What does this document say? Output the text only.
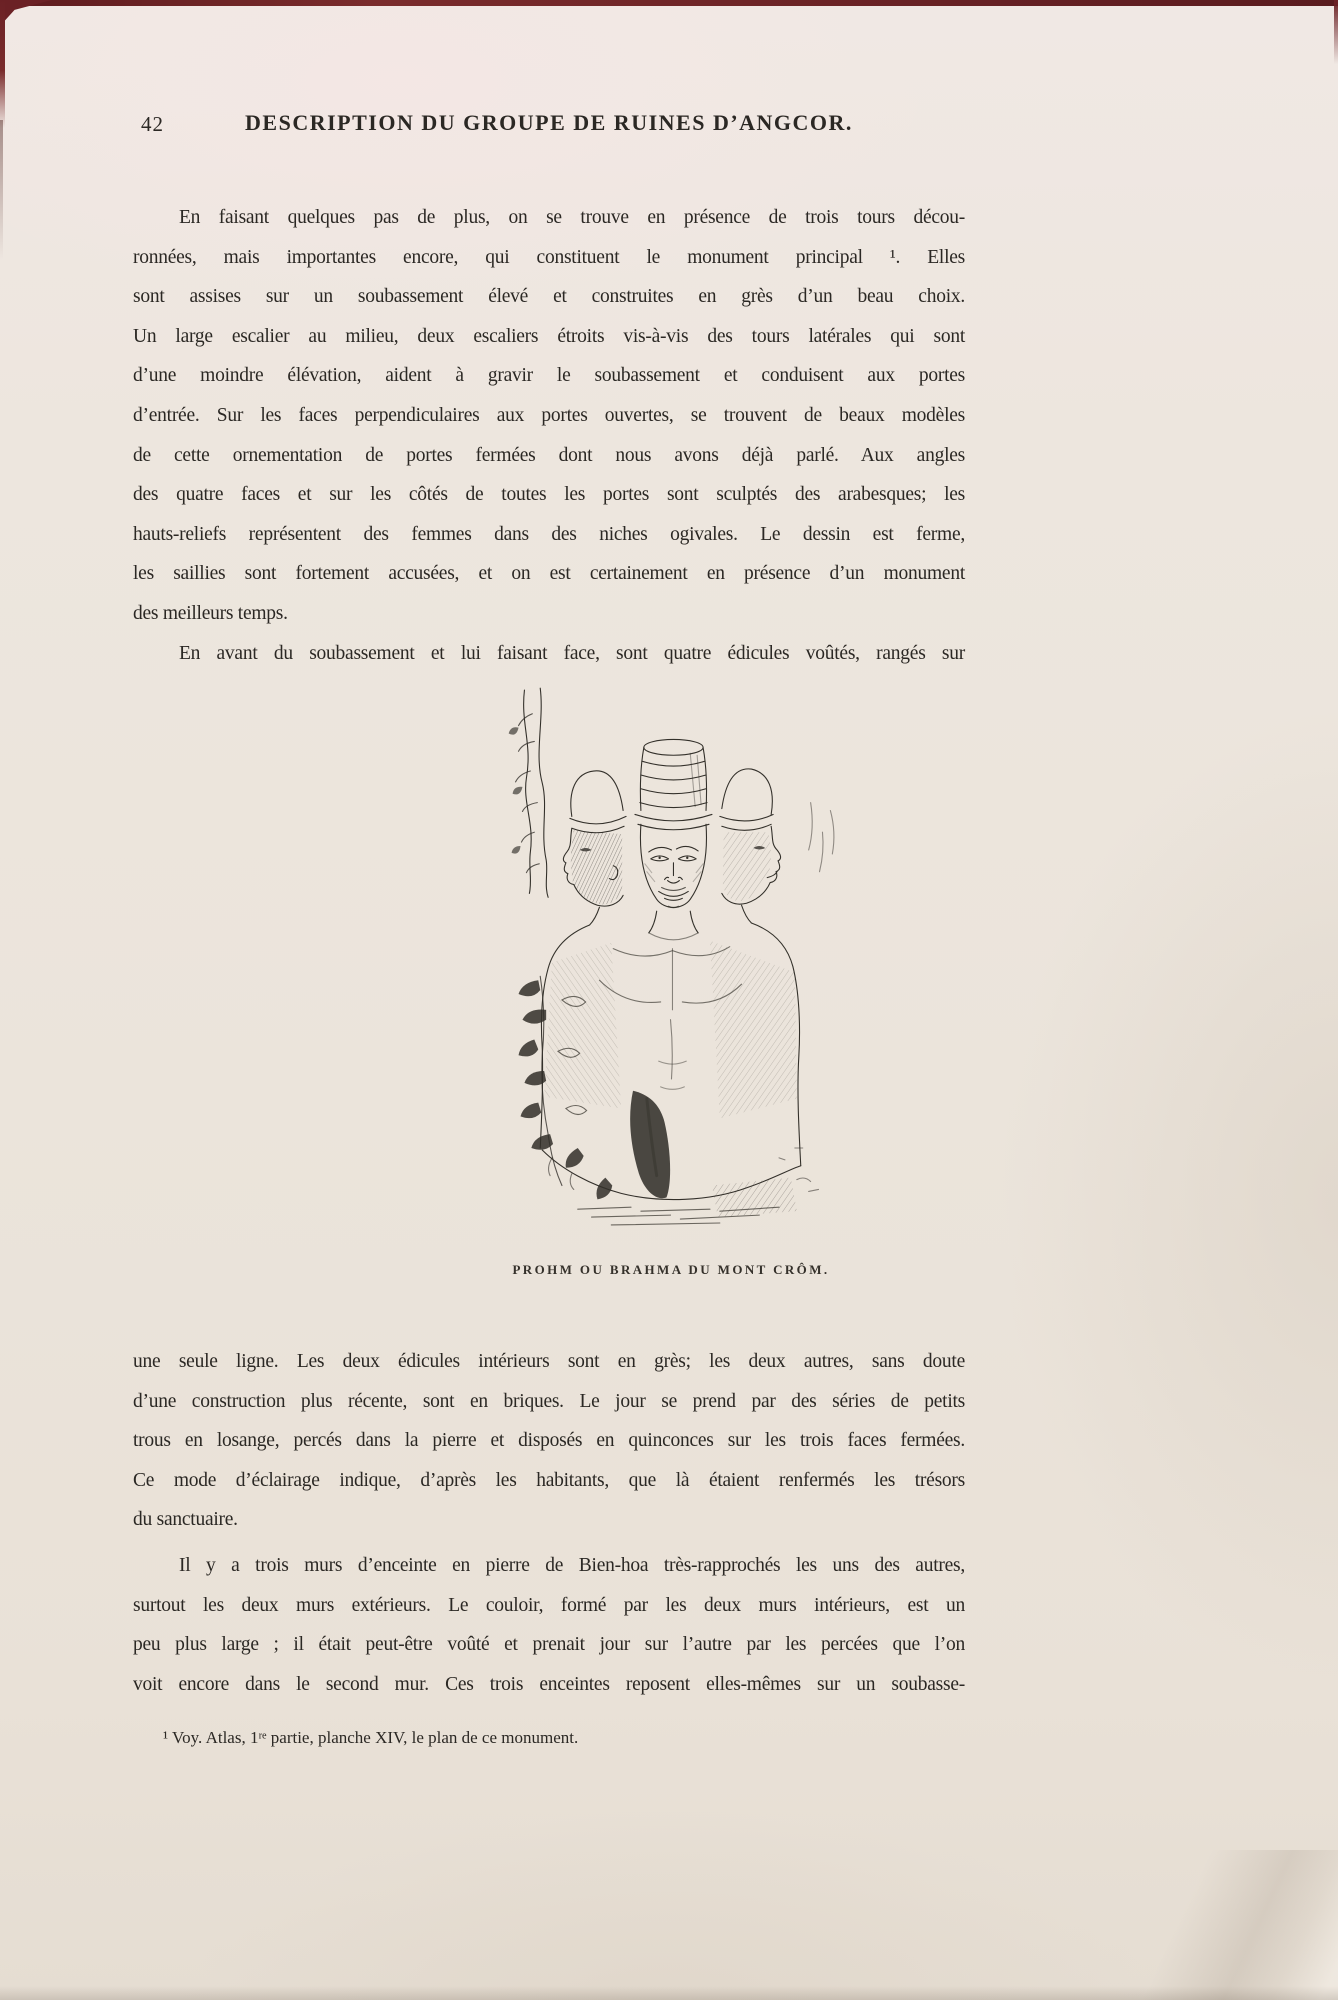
42	DESCRIPTION DU GROUPE DE RUINES D’ANGCOR.
En faisant quelques pas de plus, on se trouve en présence de trois tours décou-
ronnées, mais importantes encore, qui constituent le monument principal ¹. Elles
sont assises sur un soubassement élevé et construites en grès d’un beau choix.
Un large escalier au milieu, deux escaliers étroits vis-à-vis des tours latérales qui sont
d’une moindre élévation, aident à gravir le soubassement et conduisent aux portes
d’entrée. Sur les faces perpendiculaires aux portes ouvertes, se trouvent de beaux modèles
de cette ornementation de portes fermées dont nous avons déjà parlé. Aux angles
des quatre faces et sur les côtés de toutes les portes sont sculptés des arabesques; les
hauts-reliefs représentent des femmes dans des niches ogivales. Le dessin est ferme,
les saillies sont fortement accusées, et on est certainement en présence d’un monument
des meilleurs temps.
En avant du soubassement et lui faisant face, sont quatre édicules voûtés, rangés sur
PROHM OU BRAHMA DU MONT CRÔM.
une seule ligne. Les deux édicules intérieurs sont en grès; les deux autres, sans doute
d’une construction plus récente, sont en briques. Le jour se prend par des séries de petits
trous en losange, percés dans la pierre et disposés en quinconces sur les trois faces fermées.
Ce mode d’éclairage indique, d’après les habitants, que là étaient renfermés les trésors
du sanctuaire.
Il y a trois murs d’enceinte en pierre de Bien-hoa très-rapprochés les uns des autres,
surtout les deux murs extérieurs. Le couloir, formé par les deux murs intérieurs, est un
peu plus large ; il était peut-être voûté et prenait jour sur l’autre par les percées que l’on
voit encore dans le second mur. Ces trois enceintes reposent elles-mêmes sur un soubasse-
¹ Voy. Atlas, 1ʳᵉ partie, planche XIV, le plan de ce monument.
